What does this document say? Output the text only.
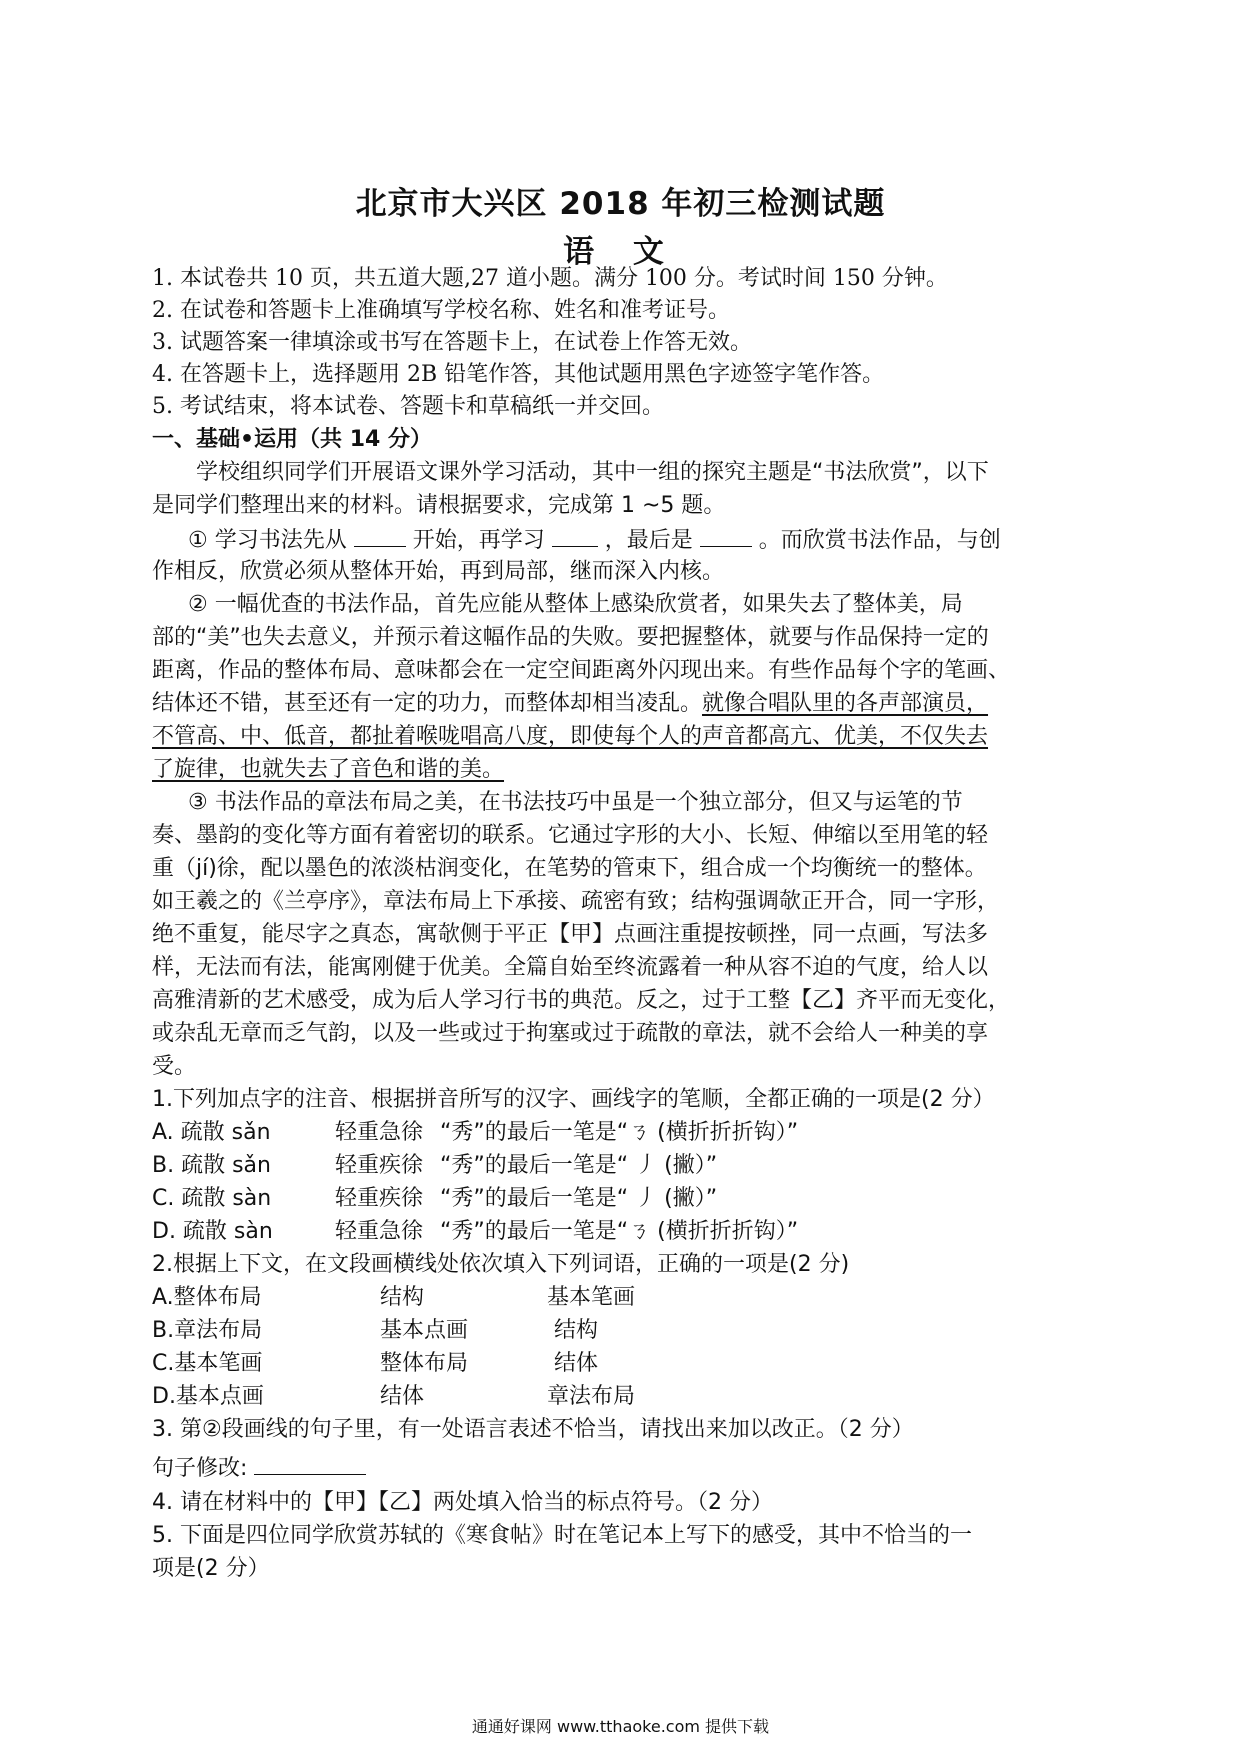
北京市大兴区 2018 年初三检测试题
语 文
1. 本试卷共 10 页，共五道大题,27 道小题。满分 100 分。考试时间 150 分钟。
2. 在试卷和答题卡上准确填写学校名称、姓名和准考证号。
3. 试题答案一律填涂或书写在答题卡上，在试卷上作答无效。
4. 在答题卡上，选择题用 2B 铅笔作答，其他试题用黑色字迹签字笔作答。
5. 考试结束，将本试卷、答题卡和草稿纸一并交回。
一、基础•运用（共 14 分）
学校组织同学们开展语文课外学习活动，其中一组的探究主题是“书法欣赏”，以下
是同学们整理出来的材料。请根据要求，完成第 1 ~5 题。
① 学习书法先从	开始，再学习	，最后是	。而欣赏书法作品，与创
作相反，欣赏必须从整体开始，再到局部，继而深入内核。
② 一幅优查的书法作品，首先应能从整体上感染欣赏者，如果失去了整体美，局
部的“美”也失去意义，并预示着这幅作品的失败。要把握整体，就要与作品保持一定的
距离，作品的整体布局、意味都会在一定空间距离外闪现出来。有些作品每个字的笔画、
结体还不错，甚至还有一定的功力，而整体却相当凌乱。就像合唱队里的各声部演员，
不管高、中、低音，都扯着喉咙唱高八度，即使每个人的声音都高亢、优美，不仅失去
了旋律，也就失去了音色和谐的美。
③ 书法作品的章法布局之美，在书法技巧中虽是一个独立部分，但又与运笔的节
奏、墨韵的变化等方面有着密切的联系。它通过字形的大小、长短、伸缩以至用笔的轻
重（jí)徐，配以墨色的浓淡枯润变化，在笔势的管束下，组合成一个均衡统一的整体。
如王羲之的《兰亭序》，章法布局上下承接、疏密有致；结构强调欹正开合，同一字形，
绝不重复，能尽字之真态，寓欹侧于平正【甲】点画注重提按顿挫，同一点画，写法多
样，无法而有法，能寓刚健于优美。全篇自始至终流露着一种从容不迫的气度，给人以
高雅清新的艺术感受，成为后人学习行书的典范。反之，过于工整【乙】齐平而无变化，
或杂乱无章而乏气韵，以及一些或过于拘塞或过于疏散的章法，就不会给人一种美的享
受。
1.下列加点字的注音、根据拼音所写的汉字、画线字的笔顺，全都正确的一项是(2 分）
A. 疏散 sǎn	轻重急徐 “秀”的最后一笔是“ㄋ (横折折折钩）”
B. 疏散 sǎn	轻重疾徐 “秀”的最后一笔是“ 丿 (撇）”
C. 疏散 sàn	轻重疾徐 “秀”的最后一笔是“ 丿 (撇）”
D. 疏散 sàn	轻重急徐 “秀”的最后一笔是“ㄋ (横折折折钩）”
2.根据上下文，在文段画横线处依次填入下列词语，正确的一项是(2 分)
A.整体布局	结构	基本笔画
B.章法布局	基本点画	结构
C.基本笔画	整体布局	结体
D.基本点画	结体	章法布局
3. 第②段画线的句子里，有一处语言表述不恰当，请找出来加以改正。（2 分）
句子修改:
4. 请在材料中的【甲】【乙】两处填入恰当的标点符号。（2 分）
5. 下面是四位同学欣赏苏轼的《寒食帖》时在笔记本上写下的感受，其中不恰当的一
项是(2 分）
通通好课网 www.tthaoke.com 提供下载
